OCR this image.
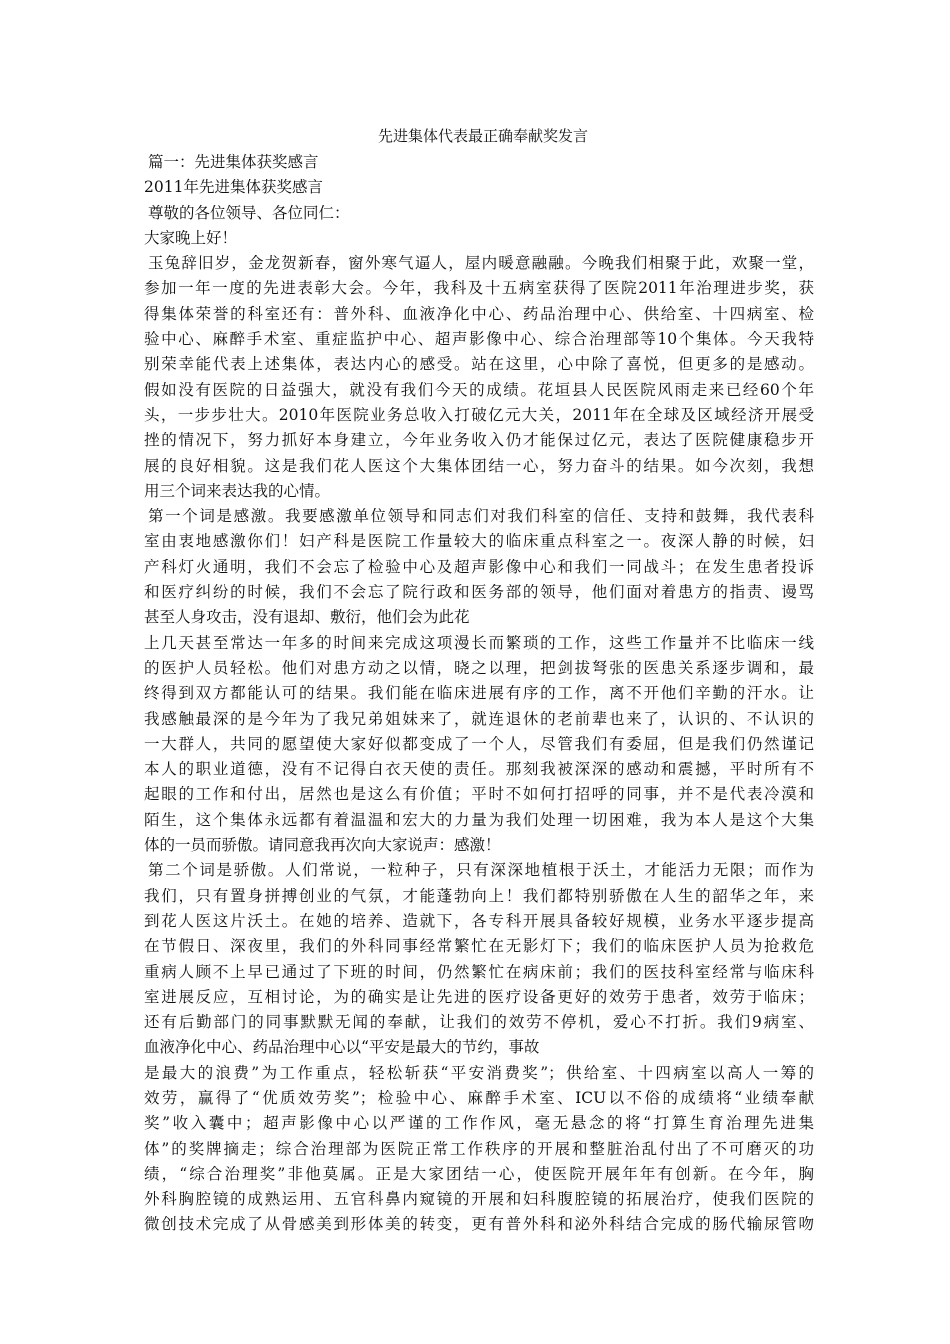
先进集体代表最正确奉献奖发言
篇一：先进集体获奖感言
2011年先进集体获奖感言
尊敬的各位领导、各位同仁：
大家晚上好！
玉兔辞旧岁，金龙贺新春，窗外寒气逼人，屋内暖意融融。今晚我们相聚于此，欢聚一堂，
参加一年一度的先进表彰大会。今年，我科及十五病室获得了医院2011年治理进步奖，获
得集体荣誉的科室还有：普外科、血液净化中心、药品治理中心、供给室、十四病室、检
验中心、麻醉手术室、重症监护中心、超声影像中心、综合治理部等10个集体。今天我特
别荣幸能代表上述集体，表达内心的感受。站在这里，心中除了喜悦，但更多的是感动。
假如没有医院的日益强大，就没有我们今天的成绩。花垣县人民医院风雨走来已经60个年
头，一步步壮大。2010年医院业务总收入打破亿元大关，2011年在全球及区域经济开展受
挫的情况下，努力抓好本身建立，今年业务收入仍才能保过亿元，表达了医院健康稳步开
展的良好相貌。这是我们花人医这个大集体团结一心，努力奋斗的结果。如今次刻，我想
用三个词来表达我的心情。
第一个词是感激。我要感激单位领导和同志们对我们科室的信任、支持和鼓舞，我代表科
室由衷地感激你们！妇产科是医院工作量较大的临床重点科室之一。夜深人静的时候，妇
产科灯火通明，我们不会忘了检验中心及超声影像中心和我们一同战斗；在发生患者投诉
和医疗纠纷的时候，我们不会忘了院行政和医务部的领导，他们面对着患方的指责、谩骂
甚至人身攻击，没有退却、敷衍，他们会为此花
上几天甚至常达一年多的时间来完成这项漫长而繁琐的工作，这些工作量并不比临床一线
的医护人员轻松。他们对患方动之以情，晓之以理，把剑拔弩张的医患关系逐步调和，最
终得到双方都能认可的结果。我们能在临床进展有序的工作，离不开他们辛勤的汗水。让
我感触最深的是今年为了我兄弟姐妹来了，就连退休的老前辈也来了，认识的、不认识的
一大群人，共同的愿望使大家好似都变成了一个人，尽管我们有委屈，但是我们仍然谨记
本人的职业道德，没有不记得白衣天使的责任。那刻我被深深的感动和震撼，平时所有不
起眼的工作和付出，居然也是这么有价值；平时不如何打招呼的同事，并不是代表冷漠和
陌生，这个集体永远都有着温温和宏大的力量为我们处理一切困难，我为本人是这个大集
体的一员而骄傲。请同意我再次向大家说声：感激！
第二个词是骄傲。人们常说，一粒种子，只有深深地植根于沃土，才能活力无限；而作为
我们，只有置身拼搏创业的气氛，才能蓬勃向上！我们都特别骄傲在人生的韶华之年，来
到花人医这片沃土。在她的培养、造就下，各专科开展具备较好规模，业务水平逐步提高
在节假日、深夜里，我们的外科同事经常繁忙在无影灯下；我们的临床医护人员为抢救危
重病人顾不上早已通过了下班的时间，仍然繁忙在病床前；我们的医技科室经常与临床科
室进展反应，互相讨论，为的确实是让先进的医疗设备更好的效劳于患者，效劳于临床；
还有后勤部门的同事默默无闻的奉献，让我们的效劳不停机，爱心不打折。我们9病室、
血液净化中心、药品治理中心以“平安是最大的节约，事故
是最大的浪费”为工作重点，轻松斩获“平安消费奖”；供给室、十四病室以高人一筹的
效劳，赢得了“优质效劳奖”；检验中心、麻醉手术室、ICU以不俗的成绩将“业绩奉献
奖”收入囊中；超声影像中心以严谨的工作作风，毫无悬念的将“打算生育治理先进集
体”的奖牌摘走；综合治理部为医院正常工作秩序的开展和整脏治乱付出了不可磨灭的功
绩，“综合治理奖”非他莫属。正是大家团结一心，使医院开展年年有创新。在今年，胸
外科胸腔镜的成熟运用、五官科鼻内窥镜的开展和妇科腹腔镜的拓展治疗，使我们医院的
微创技术完成了从骨感美到形体美的转变，更有普外科和泌外科结合完成的肠代输尿管吻
